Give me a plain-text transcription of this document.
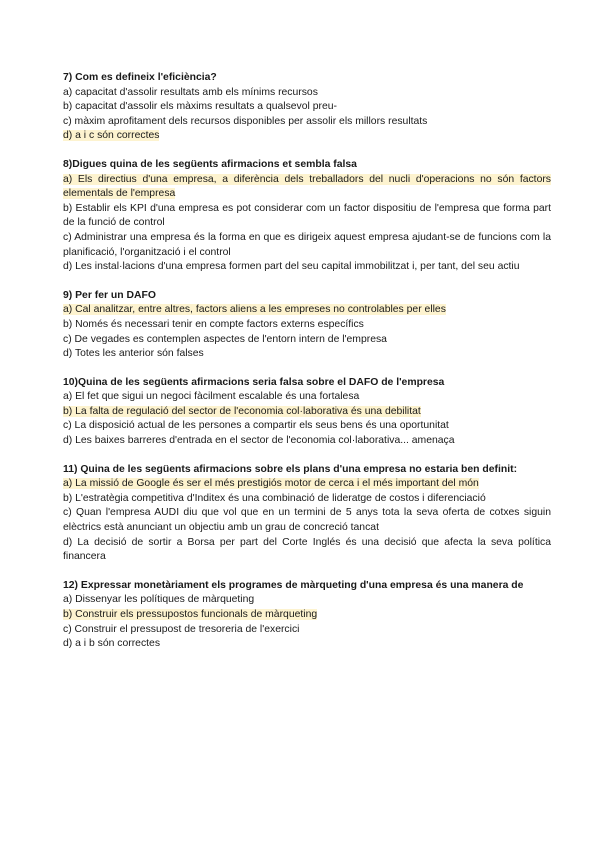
7) Com es defineix l'eficiència?
a) capacitat d'assolir resultats amb els mínims recursos
b) capacitat d'assolir els màxims resultats a qualsevol preu-
c) màxim aprofitament dels recursos disponibles per assolir els millors resultats
d) a i c són correctes
8)Digues quina de les següents afirmacions et sembla falsa
a) Els directius d'una empresa, a diferència dels treballadors del nucli d'operacions no són factors elementals de l'empresa
b) Establir els KPI d'una empresa es pot considerar com un factor dispositiu de l'empresa que forma part de la funció de control
c) Administrar una empresa és la forma en que es dirigeix aquest empresa ajudant-se de funcions com la planificació, l'organització i el control
d) Les instal·lacions d'una empresa formen part del seu capital immobilitzat i, per tant, del seu actiu
9) Per fer un DAFO
a) Cal analitzar, entre altres, factors aliens a les empreses no controlables per elles
b) Només és necessari tenir en compte factors externs específics
c) De vegades es contemplen aspectes de l'entorn intern de l'empresa
d) Totes les anterior són falses
10)Quina de les següents afirmacions seria falsa sobre el DAFO de l'empresa
a) El fet que sigui un negoci fàcilment escalable és una fortalesa
b) La falta de regulació del sector de l'economia col·laborativa és una debilitat
c) La disposició actual de les persones a compartir els seus bens és una oportunitat
d) Les baixes barreres d'entrada en el sector de l'economia col·laborativa... amenaça
11) Quina de les següents afirmacions sobre els plans d'una empresa no estaria ben definit:
a) La missió de Google és ser el més prestigiós motor de cerca i el més important del món
b) L'estratègia competitiva d'Inditex és una combinació de lideratge de costos i diferenciació
c) Quan l'empresa AUDI diu que vol que en un termini de 5 anys tota la seva oferta de cotxes siguin elèctrics està anunciant un objectiu amb un grau de concreció tancat
d) La decisió de sortir a Borsa per part del Corte Inglés és una decisió que afecta la seva política financera
12) Expressar monetàriament els programes de màrqueting d'una empresa és una manera de
a) Dissenyar les polítiques de màrqueting
b) Construir els pressupostos funcionals de màrqueting
c) Construir el pressupost de tresoreria de l'exercici
d) a i b són correctes
